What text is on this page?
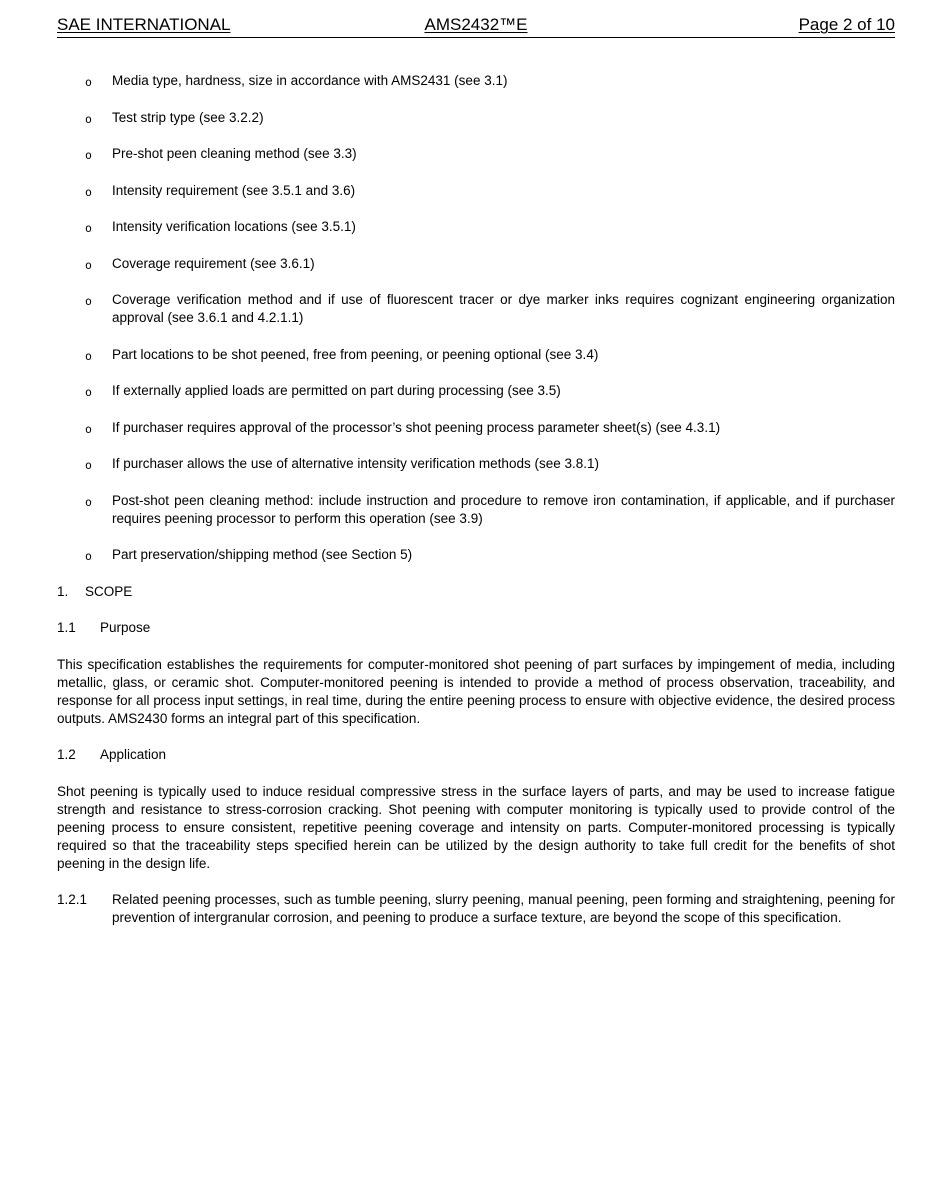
SAE INTERNATIONAL	AMS2432™E	Page 2 of 10
o Media type, hardness, size in accordance with AMS2431 (see 3.1)
o Test strip type (see 3.2.2)
o Pre-shot peen cleaning method (see 3.3)
o Intensity requirement (see 3.5.1 and 3.6)
o Intensity verification locations (see 3.5.1)
o Coverage requirement (see 3.6.1)
o Coverage verification method and if use of fluorescent tracer or dye marker inks requires cognizant engineering organization approval (see 3.6.1 and 4.2.1.1)
o Part locations to be shot peened, free from peening, or peening optional (see 3.4)
o If externally applied loads are permitted on part during processing (see 3.5)
o If purchaser requires approval of the processor’s shot peening process parameter sheet(s) (see 4.3.1)
o If purchaser allows the use of alternative intensity verification methods (see 3.8.1)
o Post-shot peen cleaning method: include instruction and procedure to remove iron contamination, if applicable, and if purchaser requires peening processor to perform this operation (see 3.9)
o Part preservation/shipping method (see Section 5)
1. SCOPE
1.1 Purpose

This specification establishes the requirements for computer-monitored shot peening of part surfaces by impingement of media, including metallic, glass, or ceramic shot. Computer-monitored peening is intended to provide a method of process observation, traceability, and response for all process input settings, in real time, during the entire peening process to ensure with objective evidence, the desired process outputs. AMS2430 forms an integral part of this specification.

1.2 Application

Shot peening is typically used to induce residual compressive stress in the surface layers of parts, and may be used to increase fatigue strength and resistance to stress-corrosion cracking. Shot peening with computer monitoring is typically used to provide control of the peening process to ensure consistent, repetitive peening coverage and intensity on parts. Computer-monitored processing is typically required so that the traceability steps specified herein can be utilized by the design authority to take full credit for the benefits of shot peening in the design life.

1.2.1 Related peening processes, such as tumble peening, slurry peening, manual peening, peen forming and straightening, peening for prevention of intergranular corrosion, and peening to produce a surface texture, are beyond the scope of this specification.
